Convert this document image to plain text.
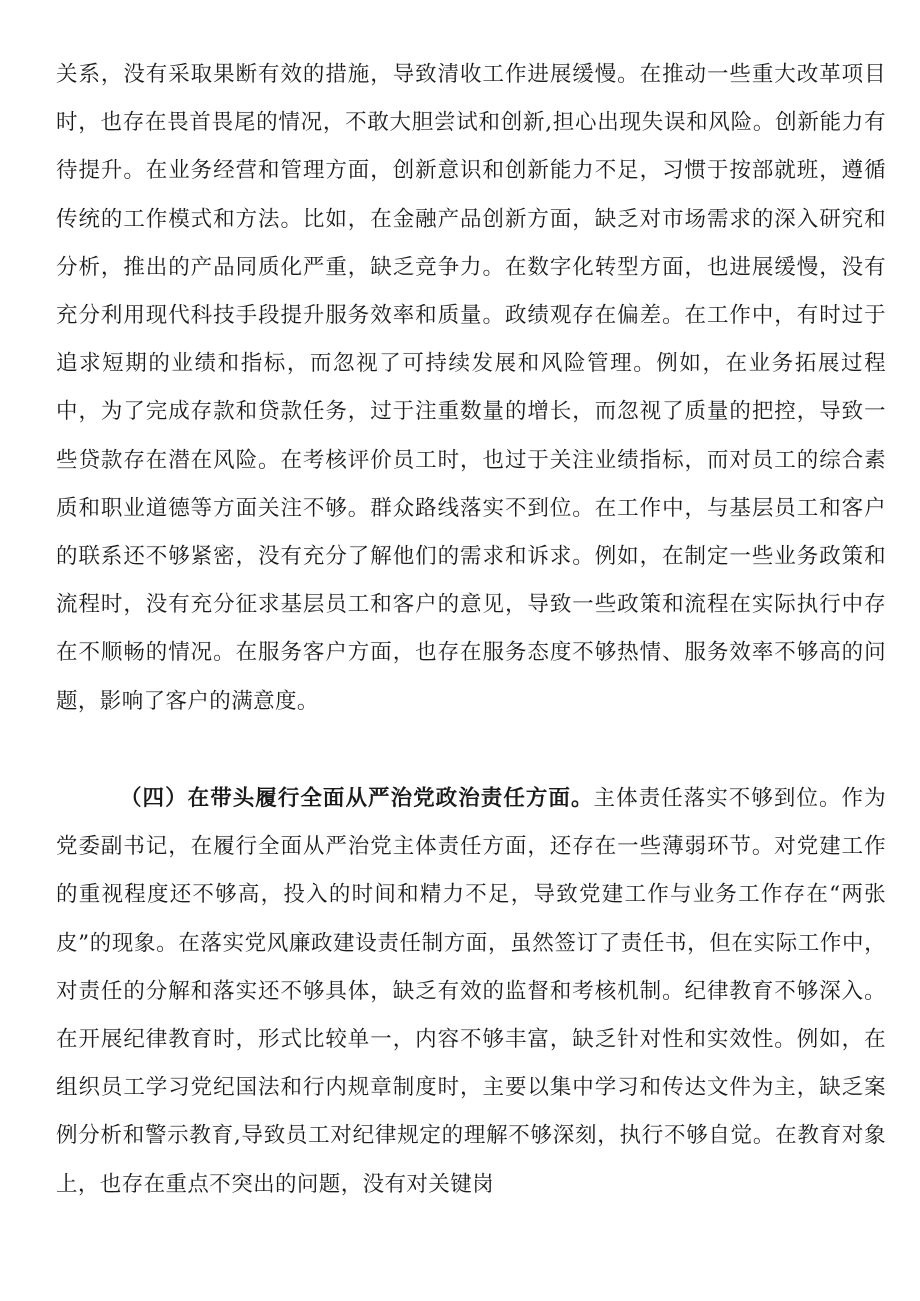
关系，没有采取果断有效的措施，导致清收工作进展缓慢。在推动一些重大改革项目时，也存在畏首畏尾的情况，不敢大胆尝试和创新,担心出现失误和风险。创新能力有待提升。在业务经营和管理方面，创新意识和创新能力不足，习惯于按部就班，遵循传统的工作模式和方法。比如，在金融产品创新方面，缺乏对市场需求的深入研究和分析，推出的产品同质化严重，缺乏竞争力。在数字化转型方面，也进展缓慢，没有充分利用现代科技手段提升服务效率和质量。政绩观存在偏差。在工作中，有时过于追求短期的业绩和指标，而忽视了可持续发展和风险管理。例如，在业务拓展过程中，为了完成存款和贷款任务，过于注重数量的增长，而忽视了质量的把控，导致一些贷款存在潜在风险。在考核评价员工时，也过于关注业绩指标，而对员工的综合素质和职业道德等方面关注不够。群众路线落实不到位。在工作中，与基层员工和客户的联系还不够紧密，没有充分了解他们的需求和诉求。例如，在制定一些业务政策和流程时，没有充分征求基层员工和客户的意见，导致一些政策和流程在实际执行中存在不顺畅的情况。在服务客户方面，也存在服务态度不够热情、服务效率不够高的问题，影响了客户的满意度。

（四）在带头履行全面从严治党政治责任方面。主体责任落实不够到位。作为党委副书记，在履行全面从严治党主体责任方面，还存在一些薄弱环节。对党建工作的重视程度还不够高，投入的时间和精力不足，导致党建工作与业务工作存在“两张皮”的现象。在落实党风廉政建设责任制方面，虽然签订了责任书，但在实际工作中，对责任的分解和落实还不够具体，缺乏有效的监督和考核机制。纪律教育不够深入。在开展纪律教育时，形式比较单一，内容不够丰富，缺乏针对性和实效性。例如，在组织员工学习党纪国法和行内规章制度时，主要以集中学习和传达文件为主，缺乏案例分析和警示教育,导致员工对纪律规定的理解不够深刻，执行不够自觉。在教育对象上，也存在重点不突出的问题，没有对关键岗
